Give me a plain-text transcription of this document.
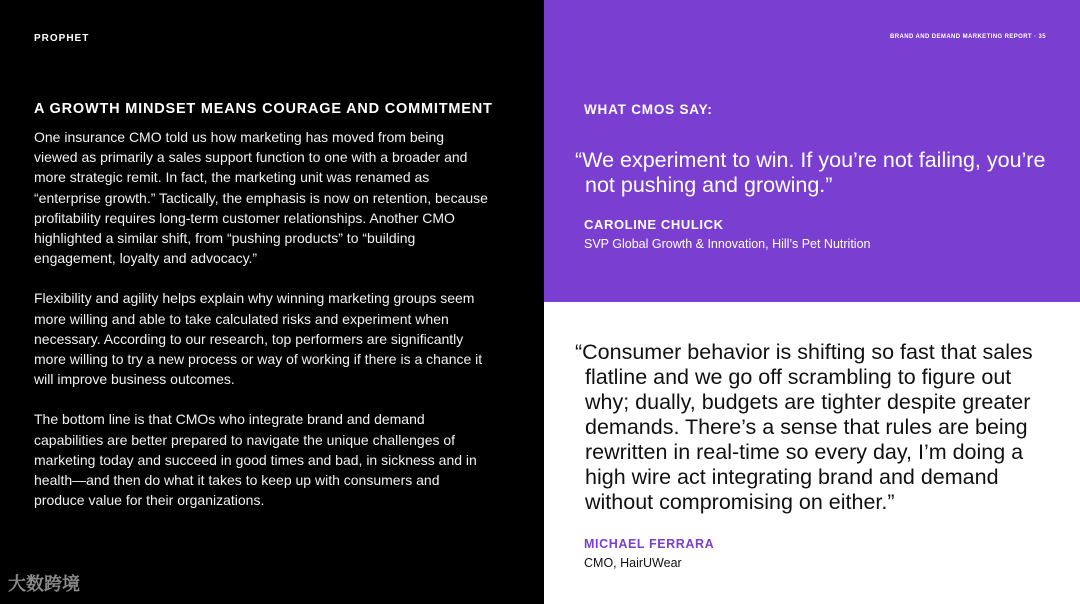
PROPHET
A GROWTH MINDSET MEANS COURAGE AND COMMITMENT

One insurance CMO told us how marketing has moved from being viewed as primarily a sales support function to one with a broader and more strategic remit. In fact, the marketing unit was renamed as “enterprise growth.” Tactically, the emphasis is now on retention, because profitability requires long-term customer relationships. Another CMO highlighted a similar shift, from “pushing products” to “building engagement, loyalty and advocacy.”

Flexibility and agility helps explain why winning marketing groups seem more willing and able to take calculated risks and experiment when necessary. According to our research, top performers are significantly more willing to try a new process or way of working if there is a chance it will improve business outcomes.

The bottom line is that CMOs who integrate brand and demand capabilities are better prepared to navigate the unique challenges of marketing today and succeed in good times and bad, in sickness and in health—and then do what it takes to keep up with consumers and produce value for their organizations.

大数跨境
BRAND AND DEMAND MARKETING REPORT · 35
WHAT CMOS SAY:
“We experiment to win. If you’re not failing, you’re not pushing and growing.”
CAROLINE CHULICK
SVP Global Growth & Innovation, Hill’s Pet Nutrition
“Consumer behavior is shifting so fast that sales flatline and we go off scrambling to figure out why; dually, budgets are tighter despite greater demands. There’s a sense that rules are being rewritten in real-time so every day, I’m doing a high wire act integrating brand and demand without compromising on either.”
MICHAEL FERRARA
CMO, HairUWear
